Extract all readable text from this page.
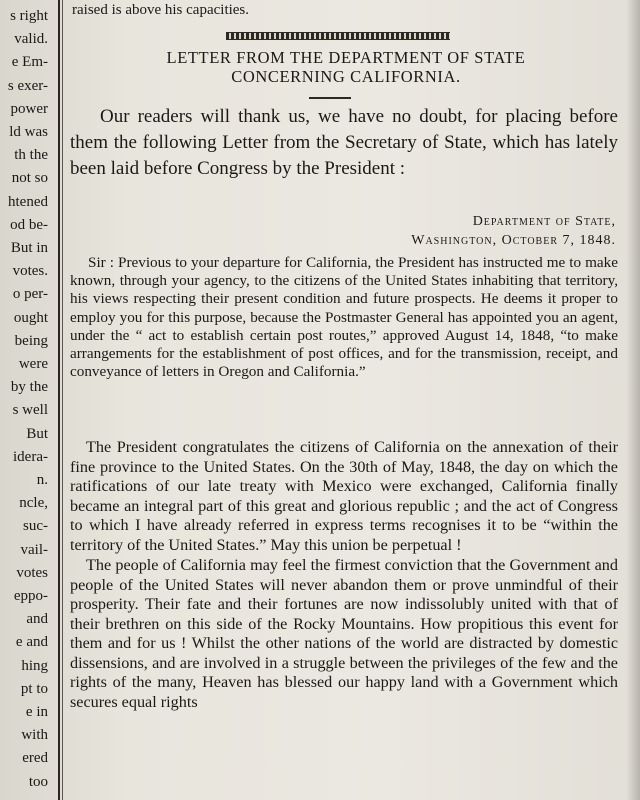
s right
valid.
e Em-
s exer-
power
ld was
th the
not so
htened
od be-
But in
votes.
o per-
ought
being
were
by the
s well
But
idera-
n.
ncle,
suc-
vail-
votes
eppo-
and
e and
hing
pt to
e in
with
ered
too
raised is above his capacities.
LETTER FROM THE DEPARTMENT OF STATE
CONCERNING CALIFORNIA.

Our readers will thank us, we have no doubt, for placing before them the following Letter from the Secretary of State, which has lately been laid before Congress by the President :

Department of State,
Washington, October 7, 1848.

Sir : Previous to your departure for California, the President has instructed me to make known, through your agency, to the citizens of the United States inhabiting that territory, his views respecting their present condition and future prospects. He deems it proper to employ you for this purpose, because the Postmaster General has appointed you an agent, under the “ act to establish certain post routes,” approved August 14, 1848, “to make arrangements for the establishment of post offices, and for the transmission, receipt, and conveyance of letters in Oregon and California.”

The President congratulates the citizens of California on the annexation of their fine province to the United States. On the 30th of May, 1848, the day on which the ratifications of our late treaty with Mexico were exchanged, California finally became an integral part of this great and glorious republic ; and the act of Congress to which I have already referred in express terms recognises it to be “within the territory of the United States.” May this union be perpetual !

The people of California may feel the firmest conviction that the Government and people of the United States will never abandon them or prove unmindful of their prosperity. Their fate and their fortunes are now indissolubly united with that of their brethren on this side of the Rocky Mountains. How propitious this event for them and for us ! Whilst the other nations of the world are distracted by domestic dissensions, and are involved in a struggle between the privileges of the few and the rights of the many, Heaven has blessed our happy land with a Government which secures equal rights
